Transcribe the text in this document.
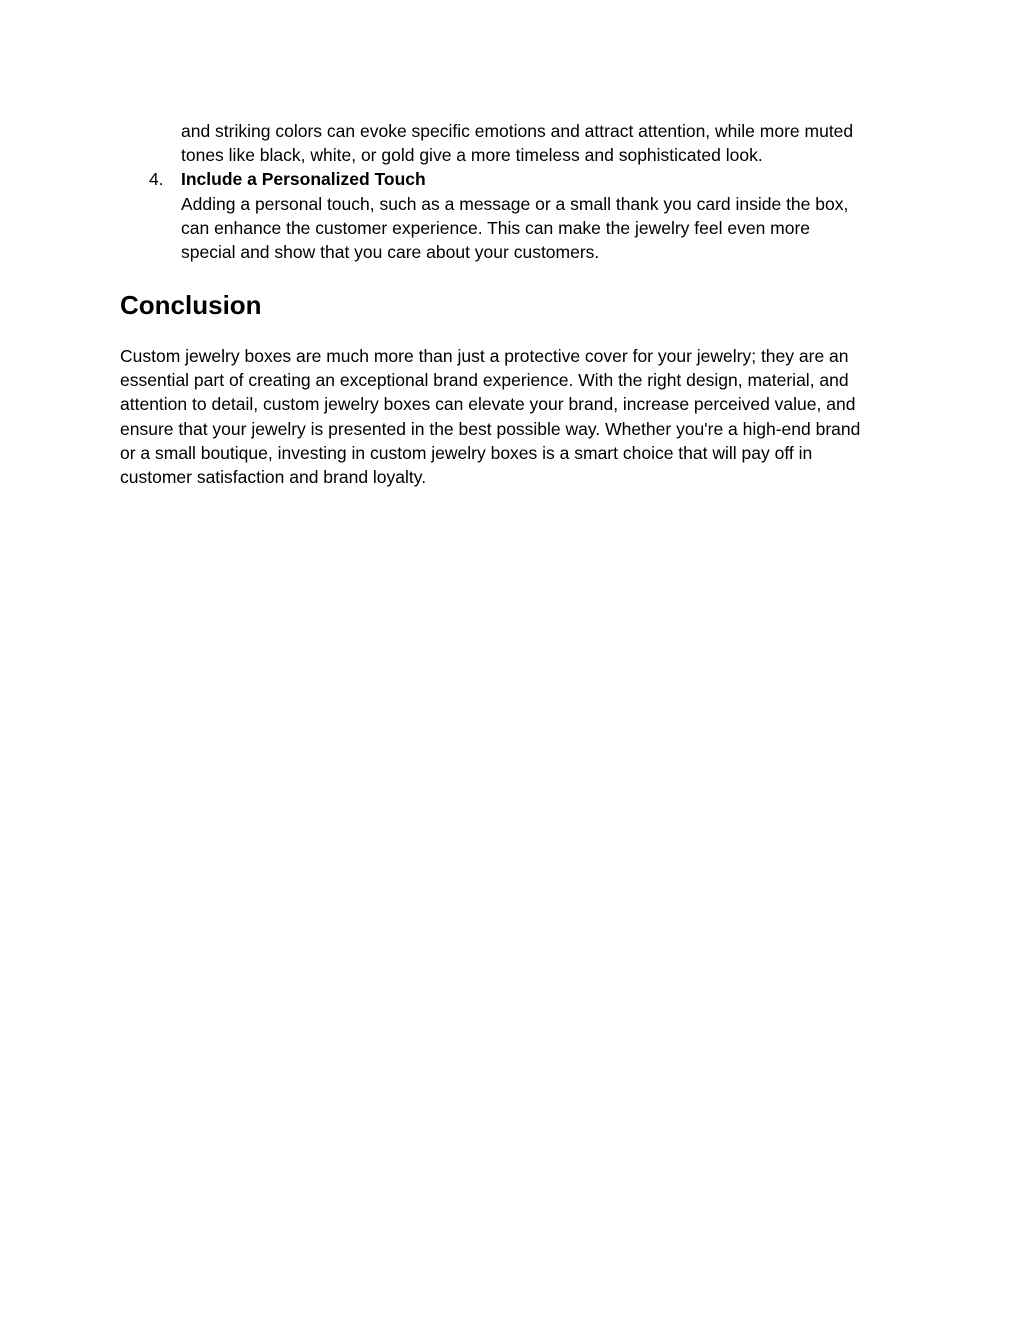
and striking colors can evoke specific emotions and attract attention, while more muted

tones like black, white, or gold give a more timeless and sophisticated look.

4. Include a Personalized Touch

Adding a personal touch, such as a message or a small thank you card inside the box,

can enhance the customer experience. This can make the jewelry feel even more

special and show that you care about your customers.

Conclusion

Custom jewelry boxes are much more than just a protective cover for your jewelry; they are an

essential part of creating an exceptional brand experience. With the right design, material, and

attention to detail, custom jewelry boxes can elevate your brand, increase perceived value, and

ensure that your jewelry is presented in the best possible way. Whether you're a high-end brand

or a small boutique, investing in custom jewelry boxes is a smart choice that will pay off in

customer satisfaction and brand loyalty.
